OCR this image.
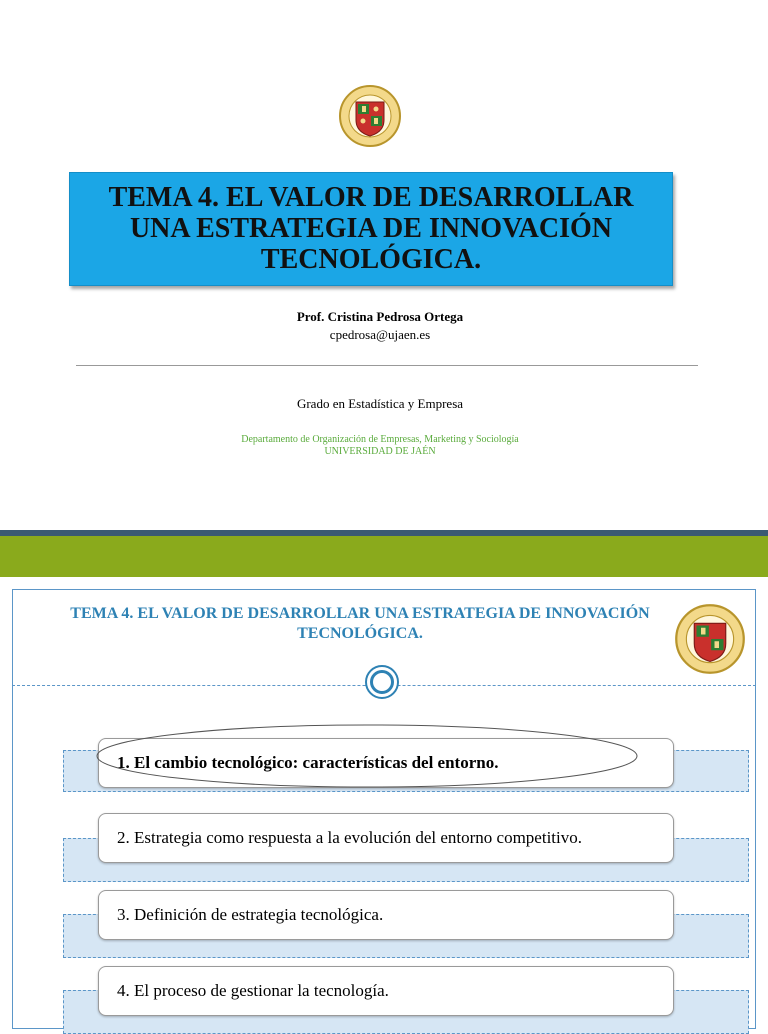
TEMA 4. EL VALOR DE DESARROLLAR
UNA ESTRATEGIA DE INNOVACIÓN
TECNOLÓGICA.
Prof. Cristina Pedrosa Ortega
cpedrosa@ujaen.es
Grado en Estadística y Empresa
Departamento de Organización de Empresas, Marketing y Sociología
UNIVERSIDAD DE JAÉN
TEMA 4. EL VALOR DE DESARROLLAR UNA ESTRATEGIA DE INNOVACIÓN
TECNOLÓGICA.
1. El cambio tecnológico: características del entorno.
2. Estrategia como respuesta a la evolución del entorno competitivo.
3. Definición de estrategia tecnológica.
4. El proceso de gestionar la tecnología.
